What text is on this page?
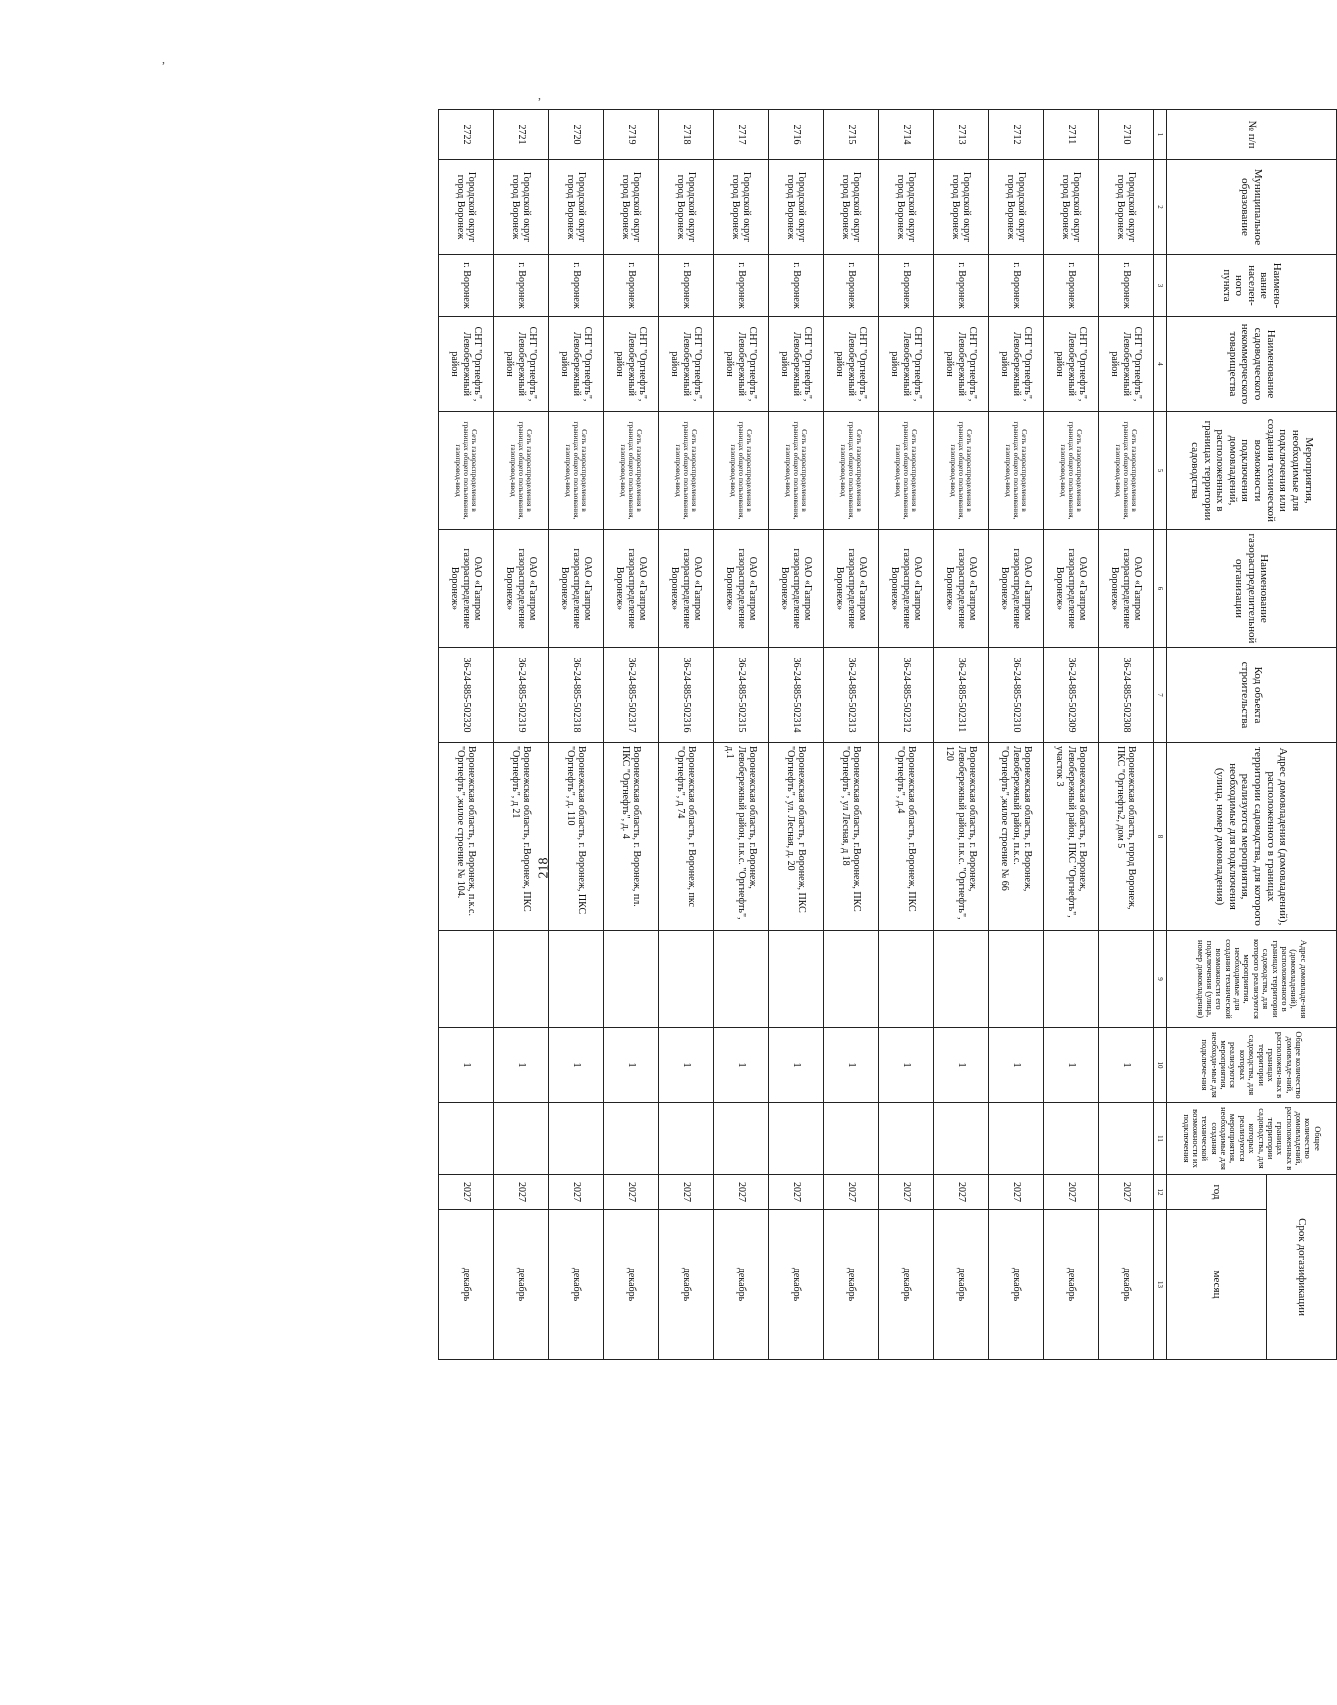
218
,
,
№ п/п	Муниципальное образование	Наимено-вание населен-ного пункта	Наименование садоводческого некоммерческого товарищества	Мероприятия, необходимые для подключения или создания технической возможности подключения домовладений, расположенных в границах территории садоводства	Наименование газораспределительной организации	Код объекта строительства	Адрес домовладения (домовладений), расположенного в границах территории садоводства, для которого реализуются мероприятия, необходимые для подключения (улица, номер домовладения)	Адрес домовладе-ния (домовладений), расположенного в границах территории садоводства, для которого реализуются мероприятия, необходимые для создания технической возможности его подключения (улица, номер домовладения)	Общее количество домовладе-ний, расположен-ных в границах территории садоводства, для которых реализуются мероприятия, необходи-мые для подключе-ния	Общее количество домовладений, расположенных в границах территории садоводства, для которых реализуются мероприятия, необходимые для создания технической возможности их подключения	Срок догазификации	
											год	месяц
1	2	3	4	5	6	7	8	9	10	11	12	13
2710	Городской округ город Воронеж	г. Воронеж	СНТ "Оргнефть", Левобережный район	Сеть газораспределения в границах общего пользования, газопровод-ввод	ОАО «Газпром газораспределение Воронеж»	36-24-885-502308	Воронежская область, город Воронеж, ПКС "Оргнефть2, дом 5		1		2027	декабрь
2711	Городской округ город Воронеж	г. Воронеж	СНТ "Оргнефть", Левобережный район	Сеть газораспределения в границах общего пользования, газопровод-ввод	ОАО «Газпром газораспределение Воронеж»	36-24-885-502309	Воронежская область, г. Воронеж, Левобережный район, ПКС "Оргнефть", участок 3		1		2027	декабрь
2712	Городской округ город Воронеж	г. Воронеж	СНТ "Оргнефть", Левобережный район	Сеть газораспределения в границах общего пользования, газопровод-ввод	ОАО «Газпром газораспределение Воронеж»	36-24-885-502310	Воронежская область, г. Воронеж, Левобережный район, п.к.с. "Оргнефть",жилое строение № 66		1		2027	декабрь
2713	Городской округ город Воронеж	г. Воронеж	СНТ "Оргнефть", Левобережный район	Сеть газораспределения в границах общего пользования, газопровод-ввод	ОАО «Газпром газораспределение Воронеж»	36-24-885-502311	Воронежская область, г. Воронеж, Левобережный район, п.к.с. "Оргнефть", 120		1		2027	декабрь
2714	Городской округ город Воронеж	г. Воронеж	СНТ "Оргнефть", Левобережный район	Сеть газораспределения в границах общего пользования, газопровод-ввод	ОАО «Газпром газораспределение Воронеж»	36-24-885-502312	Воронежская область, г.Воронеж, ПКС "Оргнефть", д.4		1		2027	декабрь
2715	Городской округ город Воронеж	г. Воронеж	СНТ "Оргнефть", Левобережный район	Сеть газораспределения в границах общего пользования, газопровод-ввод	ОАО «Газпром газораспределение Воронеж»	36-24-885-502313	Воронежская область, г.Воронеж, ПКС "Оргнефть", ул Лесная, д 18		1		2027	декабрь
2716	Городской округ город Воронеж	г. Воронеж	СНТ "Оргнефть", Левобережный район	Сеть газораспределения в границах общего пользования, газопровод-ввод	ОАО «Газпром газораспределение Воронеж»	36-24-885-502314	Воронежская область, г Воронеж, ПКС "Оргнефть", ул. Лесная, д. 20		1		2027	декабрь
2717	Городской округ город Воронеж	г. Воронеж	СНТ "Оргнефть", Левобережный район	Сеть газораспределения в границах общего пользования, газопровод-ввод	ОАО «Газпром газораспределение Воронеж»	36-24-885-502315	Воронежская область, г.Воронеж, Левобережный район, п.к.с. "Оргнефть", д.1		1		2027	декабрь
2718	Городской округ город Воронеж	г. Воронеж	СНТ "Оргнефть", Левобережный район	Сеть газораспределения в границах общего пользования, газопровод-ввод	ОАО «Газпром газораспределение Воронеж»	36-24-885-502316	Воронежская область, г Воронеж, пкс "Оргнефть", д 74		1		2027	декабрь
2719	Городской округ город Воронеж	г. Воронеж	СНТ "Оргнефть", Левобережный район	Сеть газораспределения в границах общего пользования, газопровод-ввод	ОАО «Газпром газораспределение Воронеж»	36-24-885-502317	Воронежская область, г. Воронеж, пл. ПКС "Оргнефть", д. 4		1		2027	декабрь
2720	Городской округ город Воронеж	г. Воронеж	СНТ "Оргнефть", Левобережный район	Сеть газораспределения в границах общего пользования, газопровод-ввод	ОАО «Газпром газораспределение Воронеж»	36-24-885-502318	Воронежская область, г. Воронеж, ПКС "Оргнефть", д. 110		1		2027	декабрь
2721	Городской округ город Воронеж	г. Воронеж	СНТ "Оргнефть", Левобережный район	Сеть газораспределения в границах общего пользования, газопровод-ввод	ОАО «Газпром газораспределение Воронеж»	36-24-885-502319	Воронежская область, г.Воронеж, ПКС "Оргнефть", д 21		1		2027	декабрь
2722	Городской округ город Воронеж	г. Воронеж	СНТ "Оргнефть", Левобережный район	Сеть газораспределения в границах общего пользования, газопровод-ввод	ОАО «Газпром газораспределение Воронеж»	36-24-885-502320	Воронежская область, г. Воронеж, п.к.с. "Оргнефть",жилое строение № 104.		1		2027	декабрь
